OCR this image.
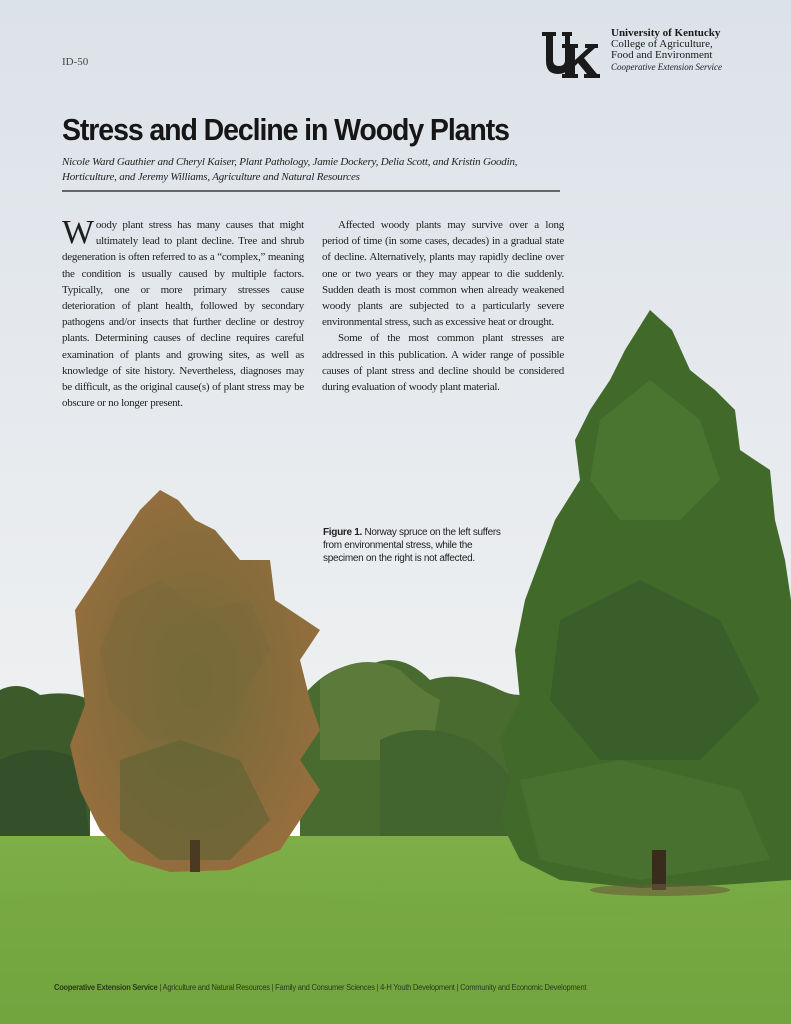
ID-50
University of Kentucky
College of Agriculture,
Food and Environment
Cooperative Extension Service
Stress and Decline in Woody Plants
Nicole Ward Gauthier and Cheryl Kaiser, Plant Pathology, Jamie Dockery, Delia Scott, and Kristin Goodin, Horticulture, and Jeremy Williams, Agriculture and Natural Resources

Woody plant stress has many causes that might ultimately lead to plant decline. Tree and shrub degeneration is often referred to as a “complex,” meaning the condition is usually caused by multiple factors. Typically, one or more primary stresses cause deterioration of plant health, followed by secondary pathogens and/or insects that further decline or destroy plants. Determining causes of decline requires careful examination of plants and growing sites, as well as knowledge of site history. Nevertheless, diagnoses may be difficult, as the original cause(s) of plant stress may be obscure or no longer present.

Affected woody plants may survive over a long period of time (in some cases, decades) in a gradual state of decline. Alternatively, plants may rapidly decline over one or two years or they may appear to die suddenly. Sudden death is most common when already weakened woody plants are subjected to a particularly severe environmental stress, such as excessive heat or drought.

Some of the most common plant stresses are addressed in this publication. A wider range of possible causes of plant stress and decline should be considered during evaluation of woody plant material.

Figure 1. Norway spruce on the left suffers from environmental stress, while the specimen on the right is not affected.
Cooperative Extension Service | Agriculture and Natural Resources | Family and Consumer Sciences | 4-H Youth Development | Community and Economic Development
